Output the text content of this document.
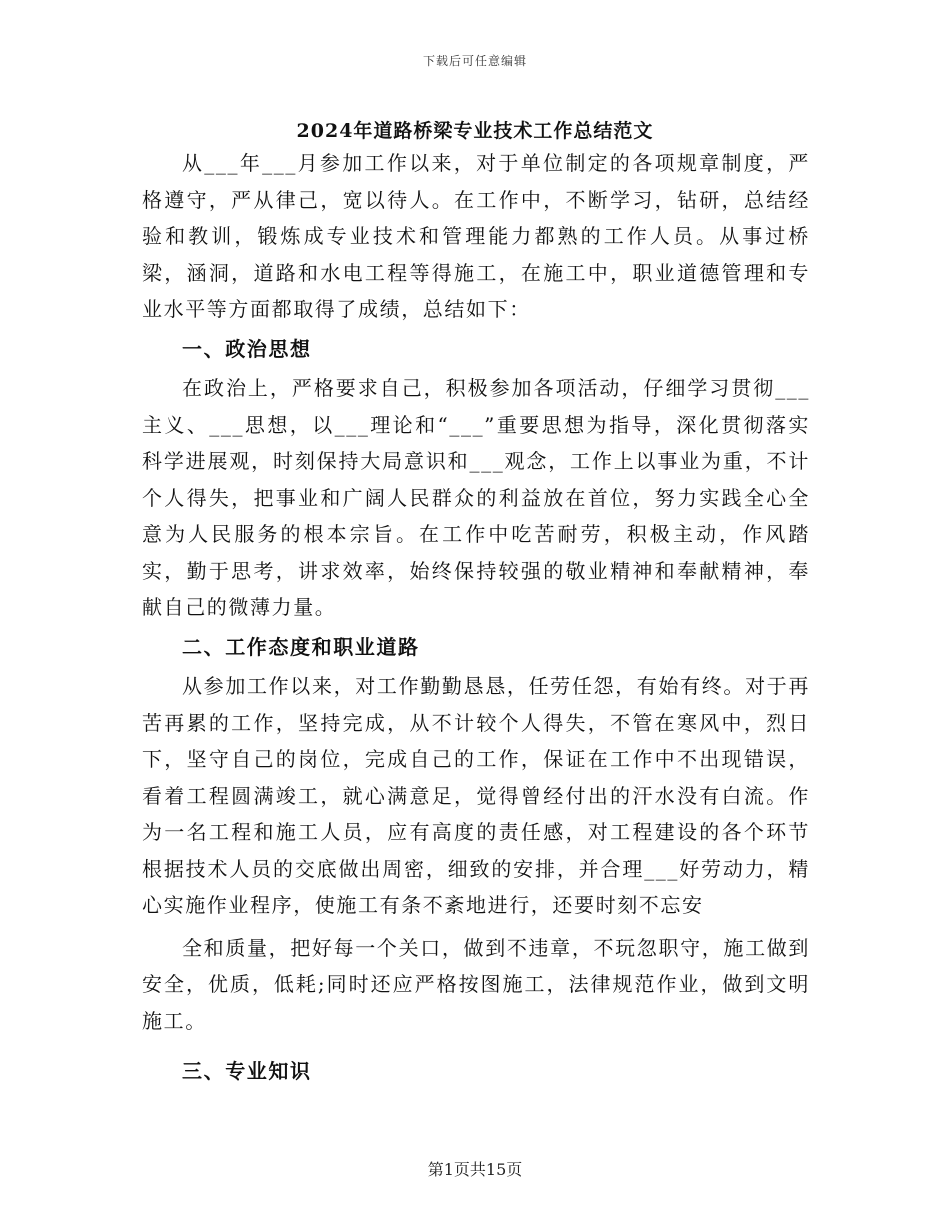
下载后可任意编辑
2024年道路桥梁专业技术工作总结范文

从___年___月参加工作以来，对于单位制定的各项规章制度，严格遵守，严从律己，宽以待人。在工作中，不断学习，钻研，总结经验和教训，锻炼成专业技术和管理能力都熟的工作人员。从事过桥梁，涵洞，道路和水电工程等得施工，在施工中，职业道德管理和专业水平等方面都取得了成绩，总结如下：

一、政治思想

在政治上，严格要求自己，积极参加各项活动，仔细学习贯彻___主义、___思想，以___理论和“___”重要思想为指导，深化贯彻落实科学进展观，时刻保持大局意识和___观念，工作上以事业为重，不计个人得失，把事业和广阔人民群众的利益放在首位，努力实践全心全意为人民服务的根本宗旨。在工作中吃苦耐劳，积极主动，作风踏实，勤于思考，讲求效率，始终保持较强的敬业精神和奉献精神，奉献自己的微薄力量。

二、工作态度和职业道路

从参加工作以来，对工作勤勤恳恳，任劳任怨，有始有终。对于再苦再累的工作，坚持完成，从不计较个人得失，不管在寒风中，烈日下，坚守自己的岗位，完成自己的工作，保证在工作中不出现错误，看着工程圆满竣工，就心满意足，觉得曾经付出的汗水没有白流。作为一名工程和施工人员，应有高度的责任感，对工程建设的各个环节根据技术人员的交底做出周密，细致的安排，并合理___好劳动力，精心实施作业程序，使施工有条不紊地进行，还要时刻不忘安

全和质量，把好每一个关口，做到不违章，不玩忽职守，施工做到安全，优质，低耗;同时还应严格按图施工，法律规范作业，做到文明施工。

三、专业知识
第1页共15页
